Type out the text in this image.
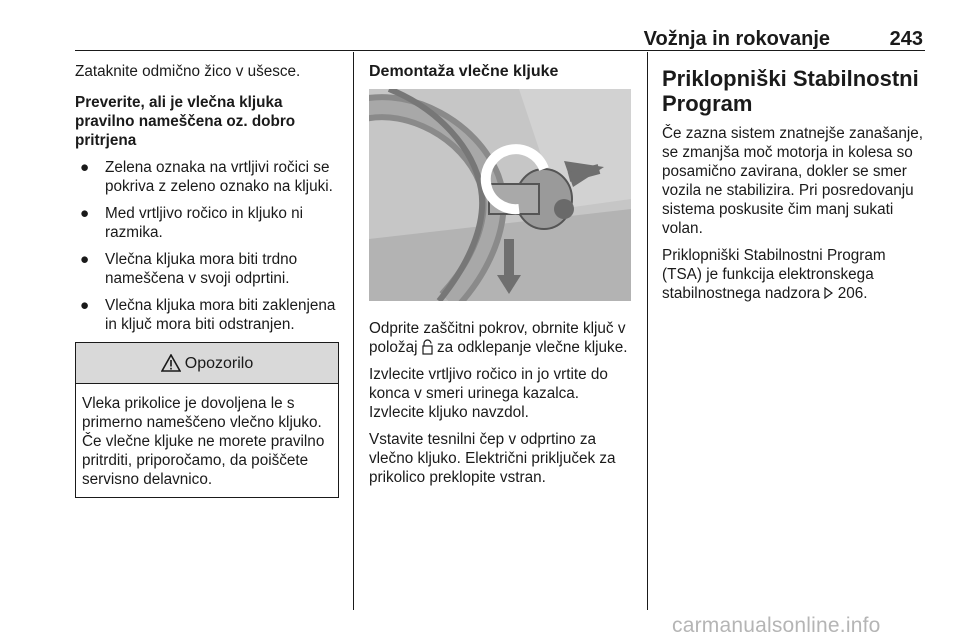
Vožnja in rokovanje	243

Zataknite odmično žico v ušesce.

Preverite, ali je vlečna kljuka pravilno nameščena oz. dobro pritrjena

● Zelena oznaka na vrtljivi ročici se pokriva z zeleno oznako na kljuki.
● Med vrtljivo ročico in kljuko ni razmika.
● Vlečna kljuka mora biti trdno nameščena v svoji odprtini.
● Vlečna kljuka mora biti zaklenjena in ključ mora biti odstranjen.
Opozorilo
Vleka prikolice je dovoljena le s primerno nameščeno vlečno kljuko. Če vlečne kljuke ne morete pravilno pritrditi, priporočamo, da poiščete servisno delavnico.
Demontaža vlečne kljuke

Odprite zaščitni pokrov, obrnite ključ v položaj za odklepanje vlečne kljuke.

Izvlecite vrtljivo ročico in jo vrtite do konca v smeri urinega kazalca. Izvlecite kljuko navzdol.

Vstavite tesnilni čep v odprtino za vlečno kljuko. Električni priključek za prikolico preklopite vstran.

Priklopniški Stabilnostni Program

Če zazna sistem znatnejše zanašanje, se zmanjša moč motorja in kolesa so posamično zavirana, dokler se smer vozila ne stabilizira. Pri posredovanju sistema poskusite čim manj sukati volan.

Priklopniški Stabilnostni Program (TSA) je funkcija elektronskega stabilnostnega nadzora 206.

carmanualsonline.info
